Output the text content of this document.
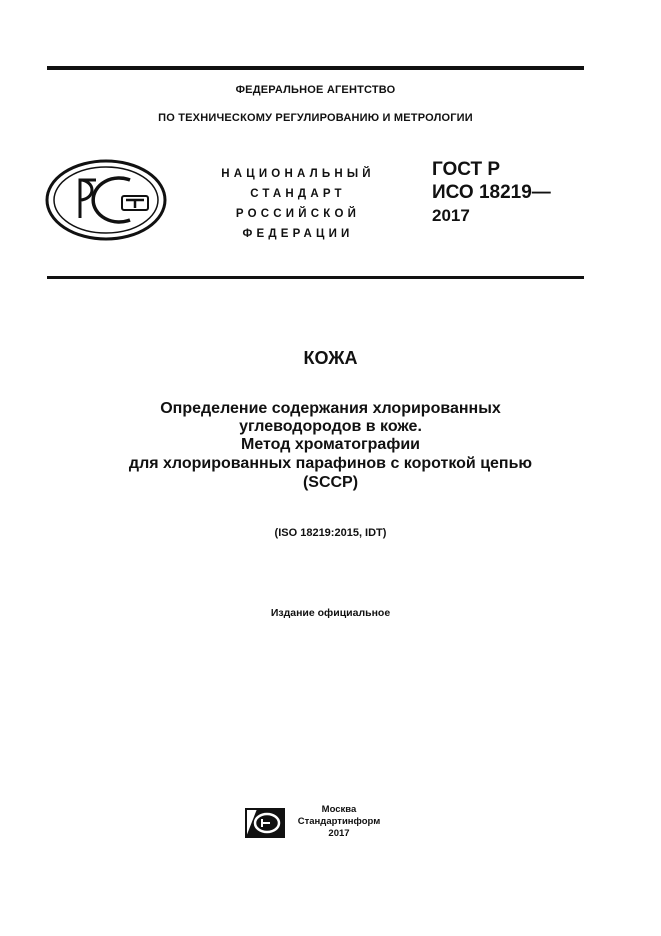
ФЕДЕРАЛЬНОЕ АГЕНТСТВО
ПО ТЕХНИЧЕСКОМУ РЕГУЛИРОВАНИЮ И МЕТРОЛОГИИ
НАЦИОНАЛЬНЫЙ
СТАНДАРТ
РОССИЙСКОЙ
ФЕДЕРАЦИИ
ГОСТ Р
ИСО 18219—
2017
КОЖА
Определение содержания хлорированных
углеводородов в коже.
Метод хроматографии
для хлорированных парафинов с короткой цепью
(SCCP)
(ISO 18219:2015, IDT)
Издание официальное
Москва
Стандартинформ
2017
